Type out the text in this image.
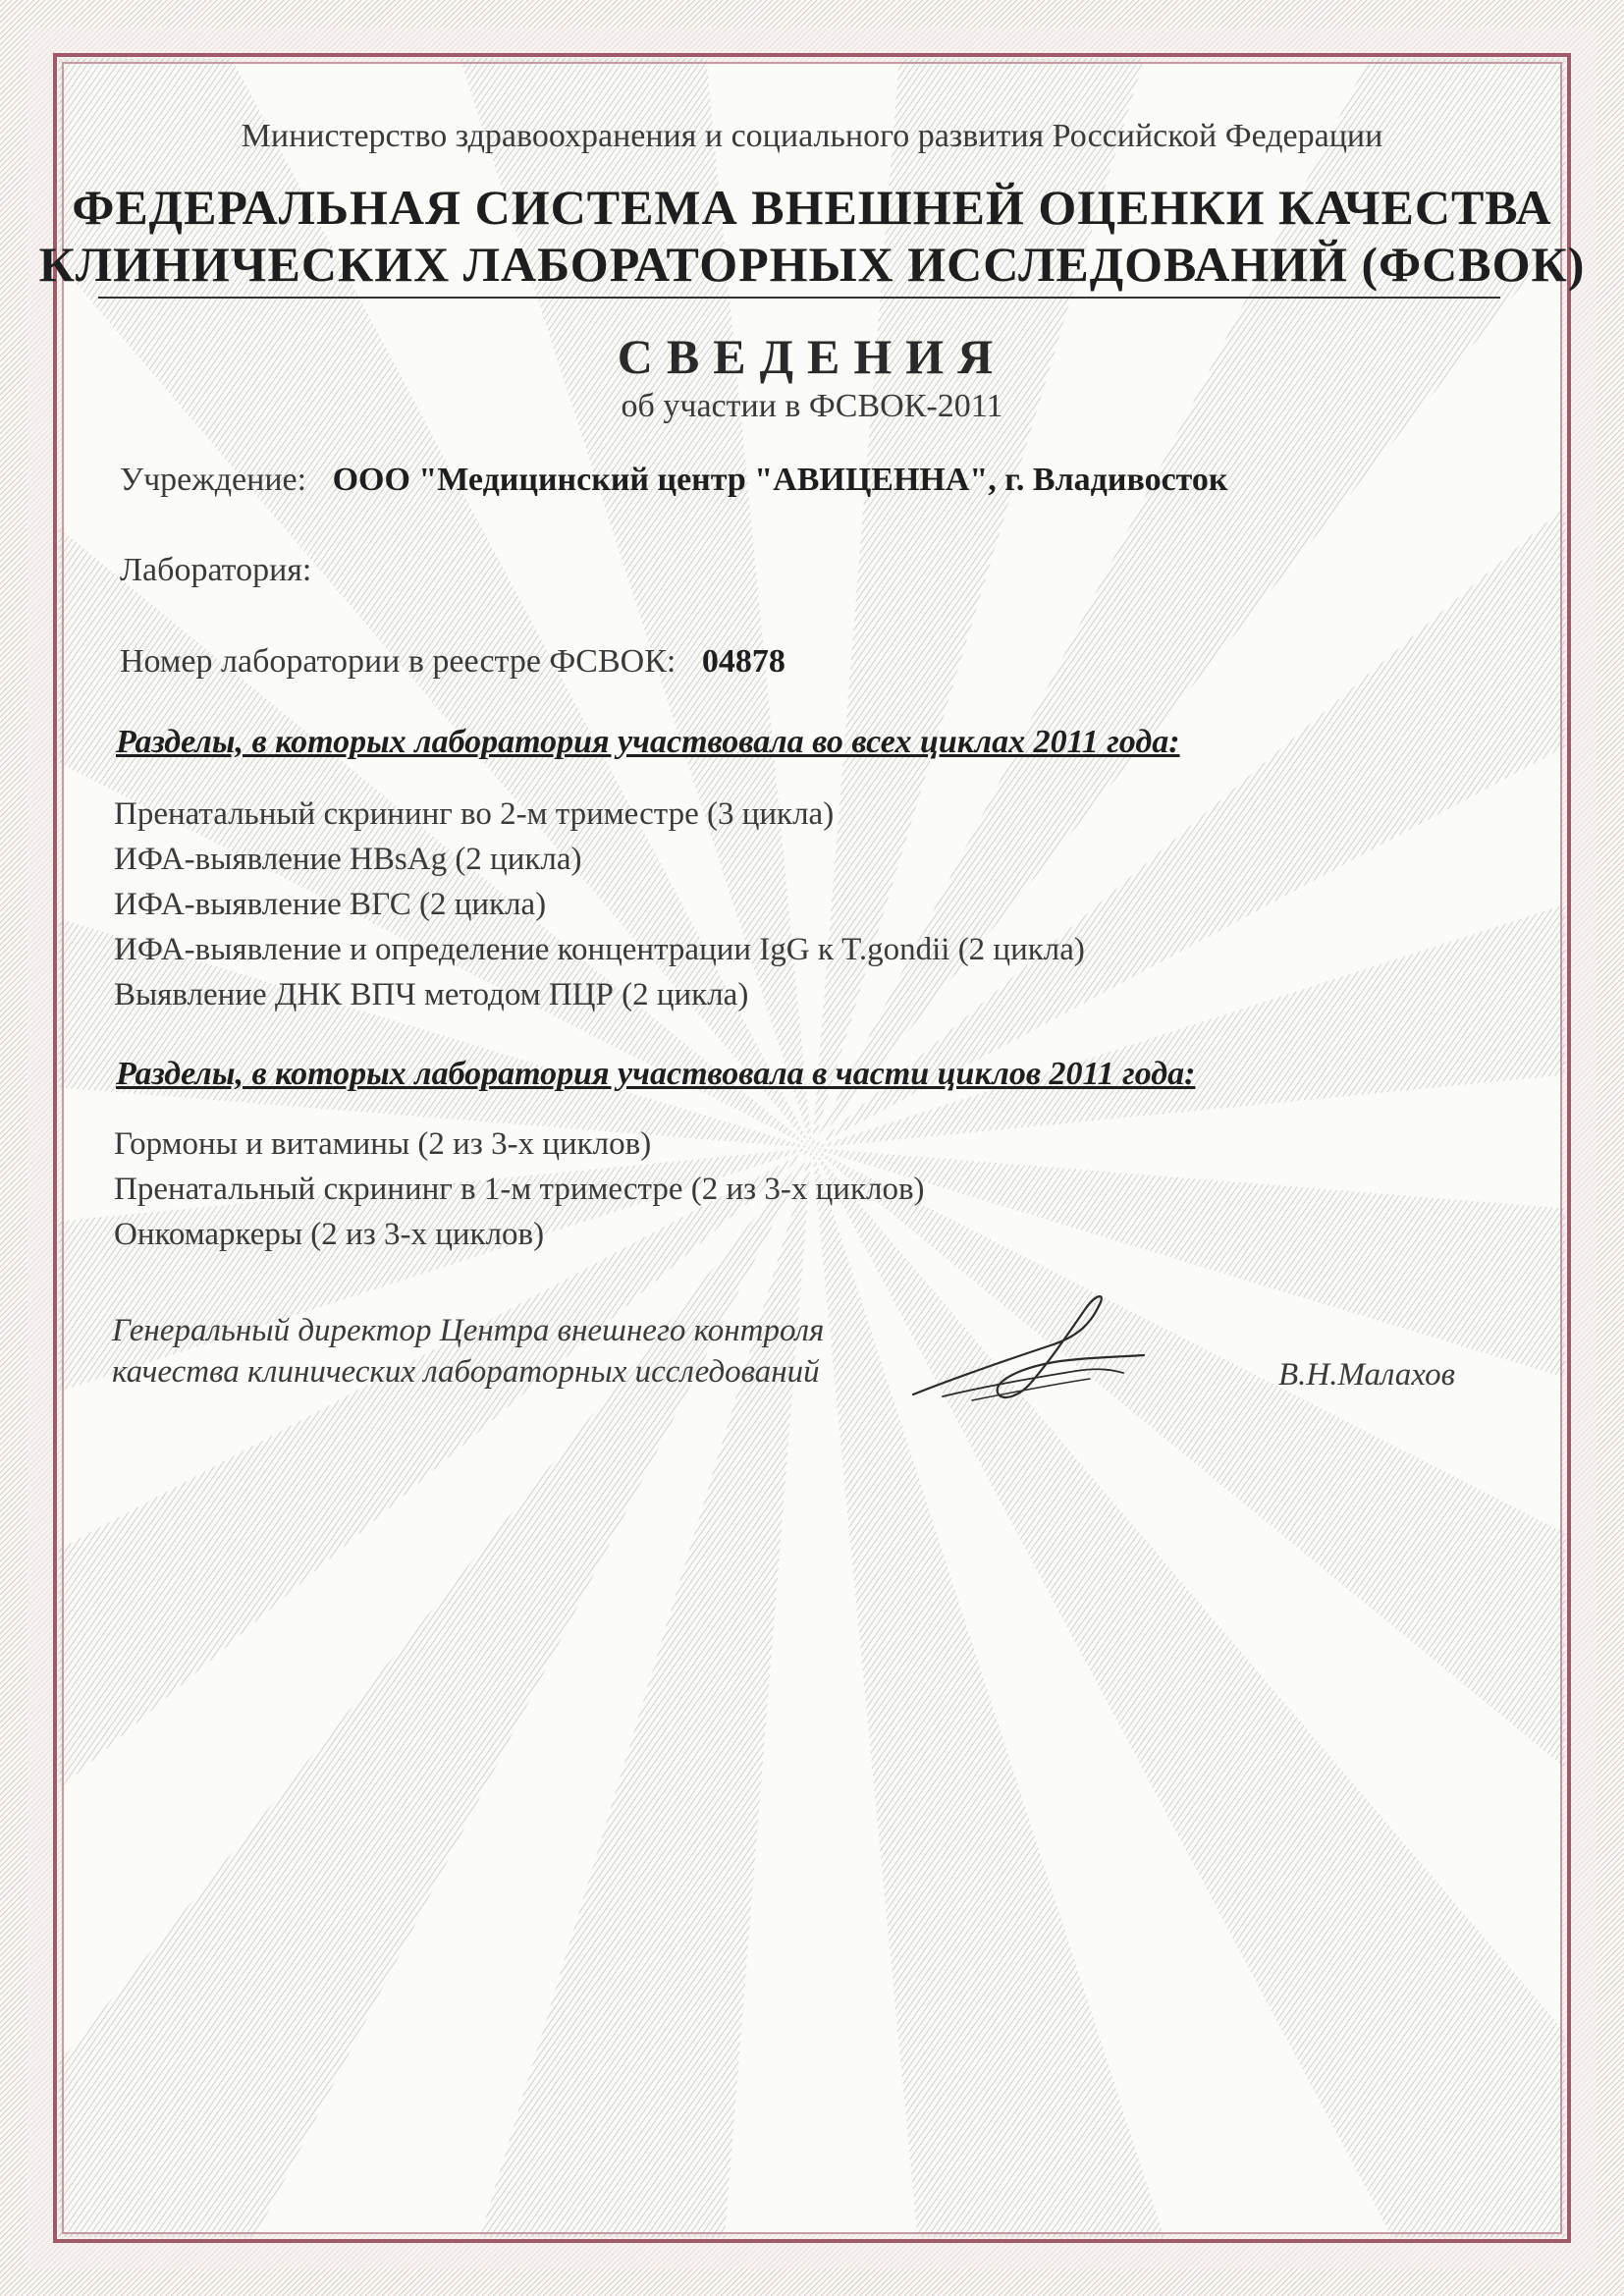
Министерство здравоохранения и социального развития Российской Федерации
ФЕДЕРАЛЬНАЯ СИСТЕМА ВНЕШНЕЙ ОЦЕНКИ КАЧЕСТВА
КЛИНИЧЕСКИХ ЛАБОРАТОРНЫХ ИССЛЕДОВАНИЙ (ФСВОК)
СВЕДЕНИЯ
об участии в ФСВОК-2011
Учреждение: ООО "Медицинский центр "АВИЦЕННА", г. Владивосток
Лаборатория:
Номер лаборатории в реестре ФСВОК: 04878
Разделы, в которых лаборатория участвовала во всех циклах 2011 года:
Пренатальный скрининг во 2-м триместре (3 цикла)
ИФА-выявление HBsAg (2 цикла)
ИФА-выявление ВГС (2 цикла)
ИФА-выявление и определение концентрации IgG к T.gondii (2 цикла)
Выявление ДНК ВПЧ методом ПЦР (2 цикла)
Разделы, в которых лаборатория участвовала в части циклов 2011 года:
Гормоны и витамины (2 из 3-х циклов)
Пренатальный скрининг в 1-м триместре (2 из 3-х циклов)
Онкомаркеры (2 из 3-х циклов)
Генеральный директор Центра внешнего контроля
качества клинических лабораторных исследований	В.Н.Малахов
